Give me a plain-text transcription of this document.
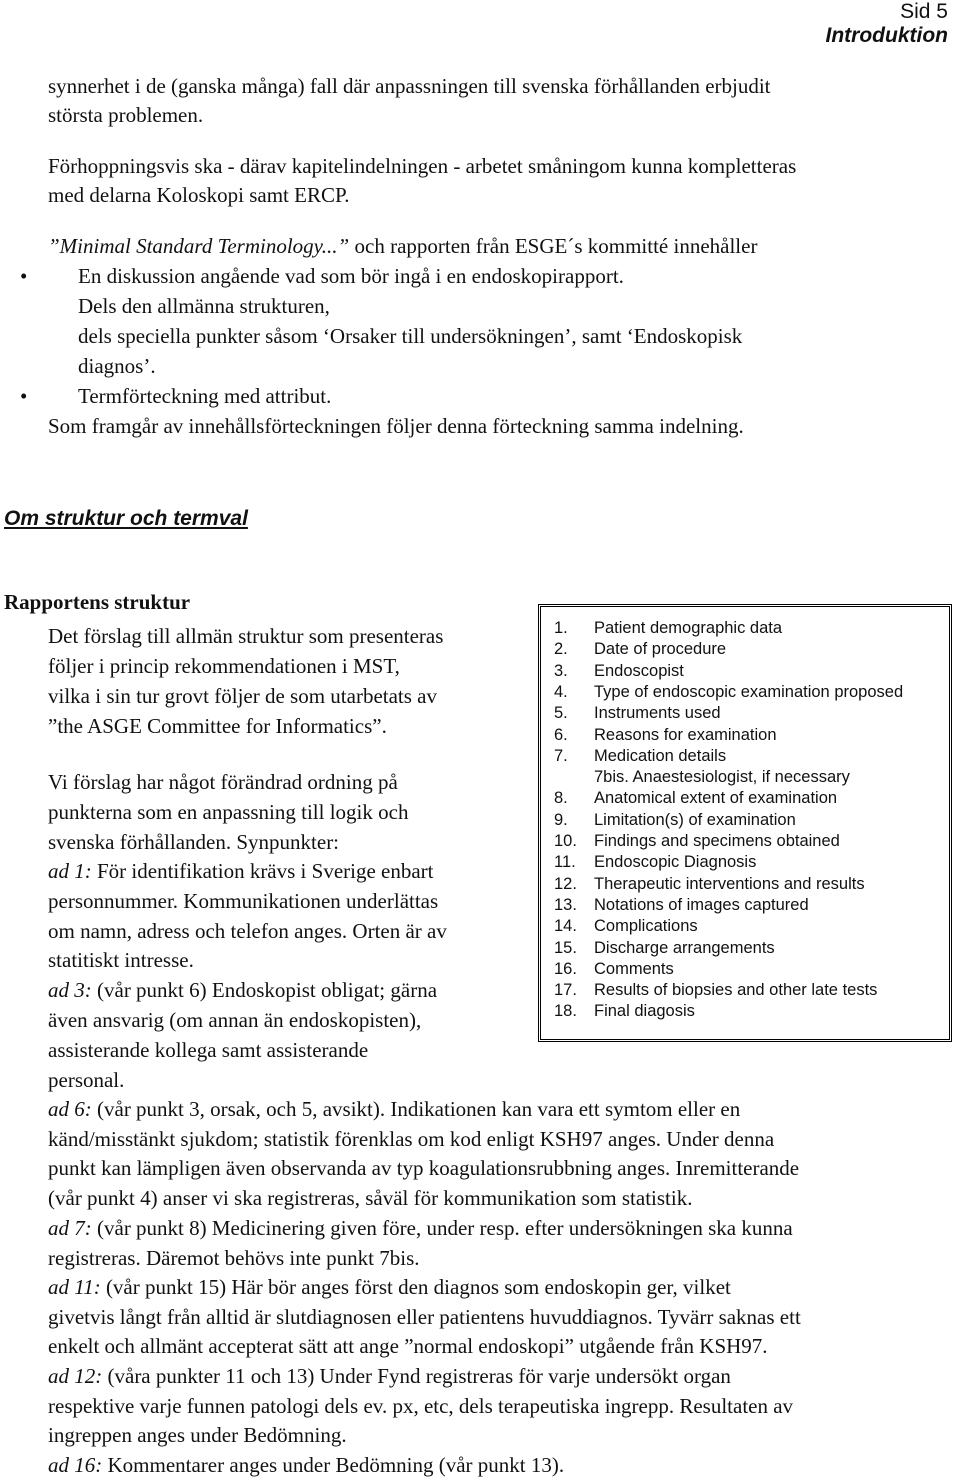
Sid 5
Introduktion
synnerhet i de (ganska många) fall där anpassningen till svenska förhållanden erbjudit
största problemen.
Förhoppningsvis ska - därav kapitelindelningen - arbetet småningom kunna kompletteras
med delarna Koloskopi samt ERCP.
”Minimal Standard Terminology...” och rapporten från ESGE´s kommitté innehåller
• En diskussion angående vad som bör ingå i en endoskopirapport.
Dels den allmänna strukturen,
dels speciella punkter såsom ‘Orsaker till undersökningen’, samt ‘Endoskopisk
diagnos’.
• Termförteckning med attribut.
Som framgår av innehållsförteckningen följer denna förteckning samma indelning.
Om struktur och termval
Rapportens struktur
Det förslag till allmän struktur som presenteras
följer i princip rekommendationen i MST,
vilka i sin tur grovt följer de som utarbetats av
”the ASGE Committee for Informatics”.
Vi förslag har något förändrad ordning på
punkterna som en anpassning till logik och
svenska förhållanden. Synpunkter:
ad 1: För identifikation krävs i Sverige enbart
personnummer. Kommunikationen underlättas
om namn, adress och telefon anges. Orten är av
statitiskt intresse.
ad 3: (vår punkt 6) Endoskopist obligat; gärna
även ansvarig (om annan än endoskopisten),
assisterande kollega samt assisterande
personal.
1. Patient demographic data
2. Date of procedure
3. Endoscopist
4. Type of endoscopic examination proposed
5. Instruments used
6. Reasons for examination
7. Medication details
7bis. Anaestesiologist, if necessary
8. Anatomical extent of examination
9. Limitation(s) of examination
10. Findings and specimens obtained
11. Endoscopic Diagnosis
12. Therapeutic interventions and results
13. Notations of images captured
14. Complications
15. Discharge arrangements
16. Comments
17. Results of biopsies and other late tests
18. Final diagosis
ad 6: (vår punkt 3, orsak, och 5, avsikt). Indikationen kan vara ett symtom eller en
känd/misstänkt sjukdom; statistik förenklas om kod enligt KSH97 anges. Under denna
punkt kan lämpligen även observanda av typ koagulationsrubbning anges. Inremitterande
(vår punkt 4) anser vi ska registreras, såväl för kommunikation som statistik.
ad 7: (vår punkt 8) Medicinering given före, under resp. efter undersökningen ska kunna
registreras. Däremot behövs inte punkt 7bis.
ad 11: (vår punkt 15) Här bör anges först den diagnos som endoskopin ger, vilket
givetvis långt från alltid är slutdiagnosen eller patientens huvuddiagnos. Tyvärr saknas ett
enkelt och allmänt accepterat sätt att ange ”normal endoskopi” utgående från KSH97.
ad 12: (våra punkter 11 och 13) Under Fynd registreras för varje undersökt organ
respektive varje funnen patologi dels ev. px, etc, dels terapeutiska ingrepp. Resultaten av
ingreppen anges under Bedömning.
ad 16: Kommentarer anges under Bedömning (vår punkt 13).
